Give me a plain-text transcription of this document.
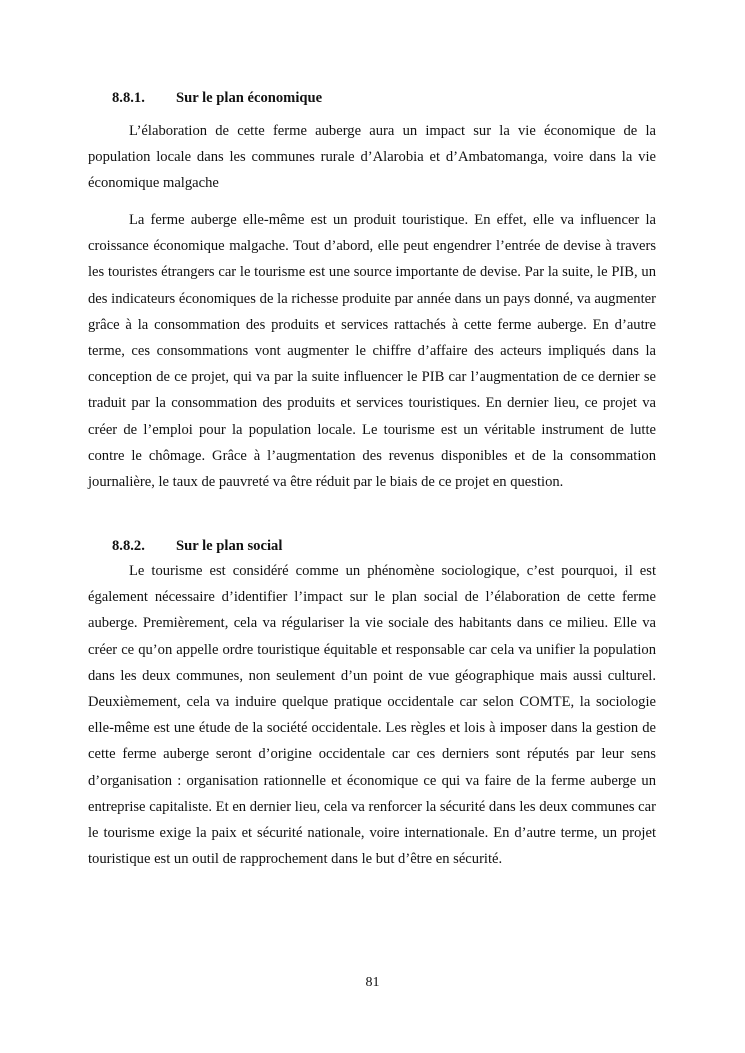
8.8.1. Sur le plan économique

L’élaboration de cette ferme auberge aura un impact sur la vie économique de la population locale dans les communes rurale d’Alarobia et d’Ambatomanga, voire dans la vie économique malgache

La ferme auberge elle-même est un produit touristique. En effet, elle va influencer la croissance économique malgache. Tout d’abord, elle peut engendrer l’entrée de devise à travers les touristes étrangers car le tourisme est une source importante de devise. Par la suite, le PIB, un des indicateurs économiques de la richesse produite par année dans un pays donné, va augmenter grâce à la consommation des produits et services rattachés à cette ferme auberge. En d’autre terme, ces consommations vont augmenter le chiffre d’affaire des acteurs impliqués dans la conception de ce projet, qui va par la suite influencer le PIB car l’augmentation de ce dernier se traduit par la consommation des produits et services touristiques. En dernier lieu, ce projet va créer de l’emploi pour la population locale. Le tourisme est un véritable instrument de lutte contre le chômage. Grâce à l’augmentation des revenus disponibles et de la consommation journalière, le taux de pauvreté va être réduit par le biais de ce projet en question.

8.8.2. Sur le plan social

Le tourisme est considéré comme un phénomène sociologique, c’est pourquoi, il est également nécessaire d’identifier l’impact sur le plan social de l’élaboration de cette ferme auberge. Premièrement, cela va régulariser la vie sociale des habitants dans ce milieu. Elle va créer ce qu’on appelle ordre touristique équitable et responsable car cela va unifier la population dans les deux communes, non seulement d’un point de vue géographique mais aussi culturel. Deuxièmement, cela va induire quelque pratique occidentale car selon COMTE, la sociologie elle-même est une étude de la société occidentale. Les règles et lois à imposer dans la gestion de cette ferme auberge seront d’origine occidentale car ces derniers sont réputés par leur sens d’organisation : organisation rationnelle et économique ce qui va faire de la ferme auberge un entreprise capitaliste. Et en dernier lieu, cela va renforcer la sécurité dans les deux communes car le tourisme exige la paix et sécurité nationale, voire internationale. En d’autre terme, un projet touristique est un outil de rapprochement dans le but d’être en sécurité.

81
